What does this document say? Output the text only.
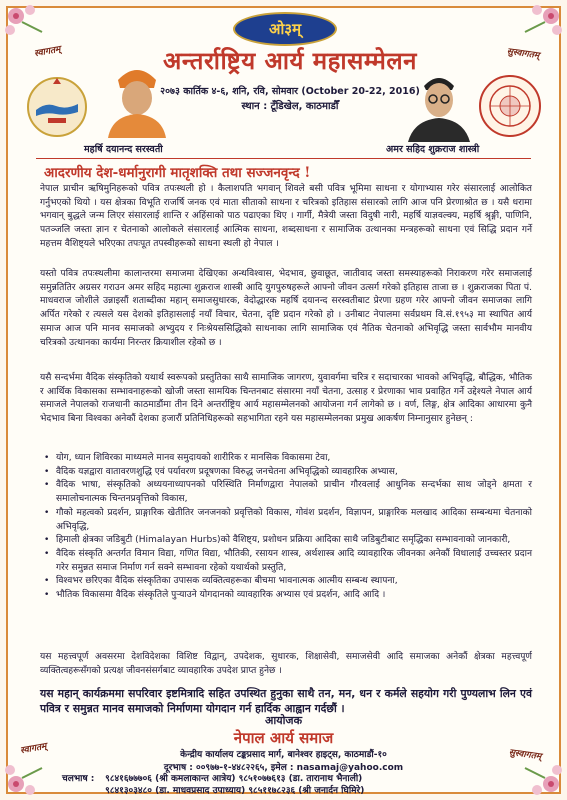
स्वागतम्	सुस्वागतम्
स्वागतम्	सुस्वागतम्
ओ३म्
अन्तर्राष्ट्रिय आर्य महासम्मेलन
२०७३ कार्तिक ४-६, शनि, रवि, सोमवार (October 20-22, 2016)
स्थान : टूँडिखेल, काठमाडौँ
महर्षि दयानन्द सरस्वती	अमर सहिद शुक्रराज शास्त्री
आदरणीय देश-धर्मानुरागी मातृशक्ति तथा सज्जनवृन्द !
नेपाल प्राचीन ऋषिमुनिहरूको पवित्र तपःस्थली हो । कैलाशपति भगवान् शिवले बसी पवित्र भूमिमा साधना र योगाभ्यास गरेर संसारलाई आलोकित गर्नुभएको थियो । यस क्षेत्रका विभूति राजर्षि जनक एवं माता सीताको साधना र चरित्रको इतिहास संसारको लागि आज पनि प्रेरणाश्रोत छ । यसै धरामा भगवान् बुद्धले जन्म लिएर संसारलाई शान्ति र अहिंसाको पाठ पढाएका थिए । गार्गी, मैत्रेयी जस्ता विदुषी नारी, महर्षि याज्ञवल्क्य, महर्षि श्रृङ्गी, पाणिनि, पतञ्जलि जस्ता ज्ञान र चेतनाको आलोकले संसारलाई आत्मिक साधना, शब्दसाधना र सामाजिक उत्थानका मन्त्रहरूको साधना एवं सिद्धि प्रदान गर्ने महत्तम वैशिष्ट्यले भरिएका तपःपूत तपस्वीहरूको साधना स्थली हो नेपाल ।
यस्तो पवित्र तपःस्थलीमा कालान्तरमा समाजमा देखिएका अन्धविश्वास, भेदभाव, छुवाछूत, जातीवाद जस्ता समस्याहरूको निराकरण गरेर समाजलाई समुन्नतितिर अग्रसर गराउन अमर सहिद महात्मा शुक्रराज शास्त्री आदि युगपुरुषहरूले आफ्नो जीवन उत्सर्ग गरेको इतिहास ताजा छ । शुक्रराजका पिता पं. माधवराज जोशीले उन्नाइसौं शताब्दीका महान् समाजसुधारक, वेदोद्धारक महर्षि दयानन्द सरस्वतीबाट प्रेरणा ग्रहण गरेर आफ्नो जीवन समाजका लागि अर्पित गरेको र त्यसले यस देशको इतिहासलाई नयाँ विचार, चेतना, दृष्टि प्रदान गरेको हो । उनीबाट नेपालमा सर्वप्रथम वि.सं.१९५३ मा स्थापित आर्य समाज आज पनि मानव समाजको अभ्युदय र निःश्रेयससिद्धिको साधनाका लागि सामाजिक एवं नैतिक चेतनाको अभिवृद्धि जस्ता सार्वभौम मानवीय चरित्रको उत्थानका कार्यमा निरन्तर क्रियाशील रहेको छ ।
यसै सन्दर्भमा वैदिक संस्कृतिको यथार्थ स्वरूपको प्रस्तुतिका साथै सामाजिक जागरण, युवावर्गमा चरित्र र सदाचारका भावको अभिवृद्धि, बौद्धिक, भौतिक र आर्थिक विकासका सम्भावनाहरूको खोजी जस्ता सामयिक चिन्तनबाट संसारमा नयाँ चेतना, उत्साह र प्रेरणाका भाव प्रवाहित गर्ने उद्देश्यले नेपाल आर्य समाजले नेपालको राजधानी काठमाडौंमा तीन दिने अन्तर्राष्ट्रिय आर्य महासम्मेलनको आयोजना गर्न लागेको छ । वर्ण, लिङ्ग, क्षेत्र आदिका आधारमा कुनै भेदभाव बिना विश्वका अनेकौं देशका हजारौं प्रतिनिधिहरूको सहभागिता रहने यस महासम्मेलनका प्रमुख आकर्षण निम्नानुसार हुनेछन् :
• योग, ध्यान शिविरका माध्यमले मानव समुदायको शारीरिक र मानसिक विकासमा टेवा,
• वैदिक यज्ञद्वारा वातावरणशुद्धि एवं पर्यावरण प्रदूषणका विरुद्ध जनचेतना अभिवृद्धिको व्यावहारिक अभ्यास,
• वैदिक भाषा, संस्कृतिको अध्ययनाध्यापनको परिस्थिति निर्माणद्वारा नेपालको प्राचीन गौरवलाई आधुनिक सन्दर्भका साथ जोड्ने क्षमता र समालोचनात्मक चिन्तनप्रवृत्तिको विकास,
• गौको महत्वको प्रदर्शन, प्राङ्गारिक खेतीतिर जनजनको प्रवृत्तिको विकास, गोवंश प्रदर्शन, विज्ञापन, प्राङ्गारिक मलखाद आदिका सम्बन्धमा चेतनाको अभिवृद्धि,
• हिमाली क्षेत्रका जडिबुटी (Himalayan Hurbs)को वैशिष्ट्य, प्रशोधन प्रक्रिया आदिका साथै जडिबुटीबाट समृद्धिका सम्भावनाको जानकारी,
• वैदिक संस्कृति अन्तर्गत विमान विद्या, गणित विद्या, भौतिकी, रसायन शास्त्र, अर्थशास्त्र आदि व्यावहारिक जीवनका अनेकौं विधालाई उच्चस्तर प्रदान गरेर समुन्नत समाज निर्माण गर्न सक्ने सम्भावना रहेको यथार्थको प्रस्तुति,
• विश्वभर छरिएका वैदिक संस्कृतिका उपासक व्यक्तित्वहरूका बीचमा भावनात्मक आत्मीय सम्बन्ध स्थापना,
• भौतिक विकासमा वैदिक संस्कृतिले पुऱ्याउने योगदानको व्यावहारिक अभ्यास एवं प्रदर्शन, आदि आदि ।
यस महत्त्वपूर्ण अवसरमा देशविदेशका विशिष्ट विद्वान्, उपदेशक, सुधारक, शिक्षासेवी, समाजसेवी आदि समाजका अनेकौं क्षेत्रका महत्त्वपूर्ण व्यक्तित्वहरूसँगको प्रत्यक्ष जीवनसंसर्गबाट व्यावहारिक उपदेश प्राप्त हुनेछ ।
यस महान् कार्यक्रममा सपरिवार इष्टमित्रादि सहित उपस्थित हुनुका साथै तन, मन, धन र कर्मले सहयोग गरी पुण्यलाभ लिन एवं पवित्र र समुन्नत मानव समाजको निर्माणमा योगदान गर्न हार्दिक आह्वान गर्दछौं ।
आयोजक
नेपाल आर्य समाज
केन्द्रीय कार्यालय टङ्कप्रसाद मार्ग, बानेश्वर हाइट्स, काठमाडौं-१०
दूरभाष : ००९७७-१-४४८२२६५, इमेल : nasamaj@yahoo.com
चलभाष : ९८४१६७७७०६ (श्री कमलाकान्त आत्रेय) ९८५१०७७६१३ (डा. तारानाथ भैनाली)
९८४१३०३४८० (डा. माधवप्रसाद उपाध्याय) ९८५११७८२३६ (श्री जनार्दन घिमिरे)
